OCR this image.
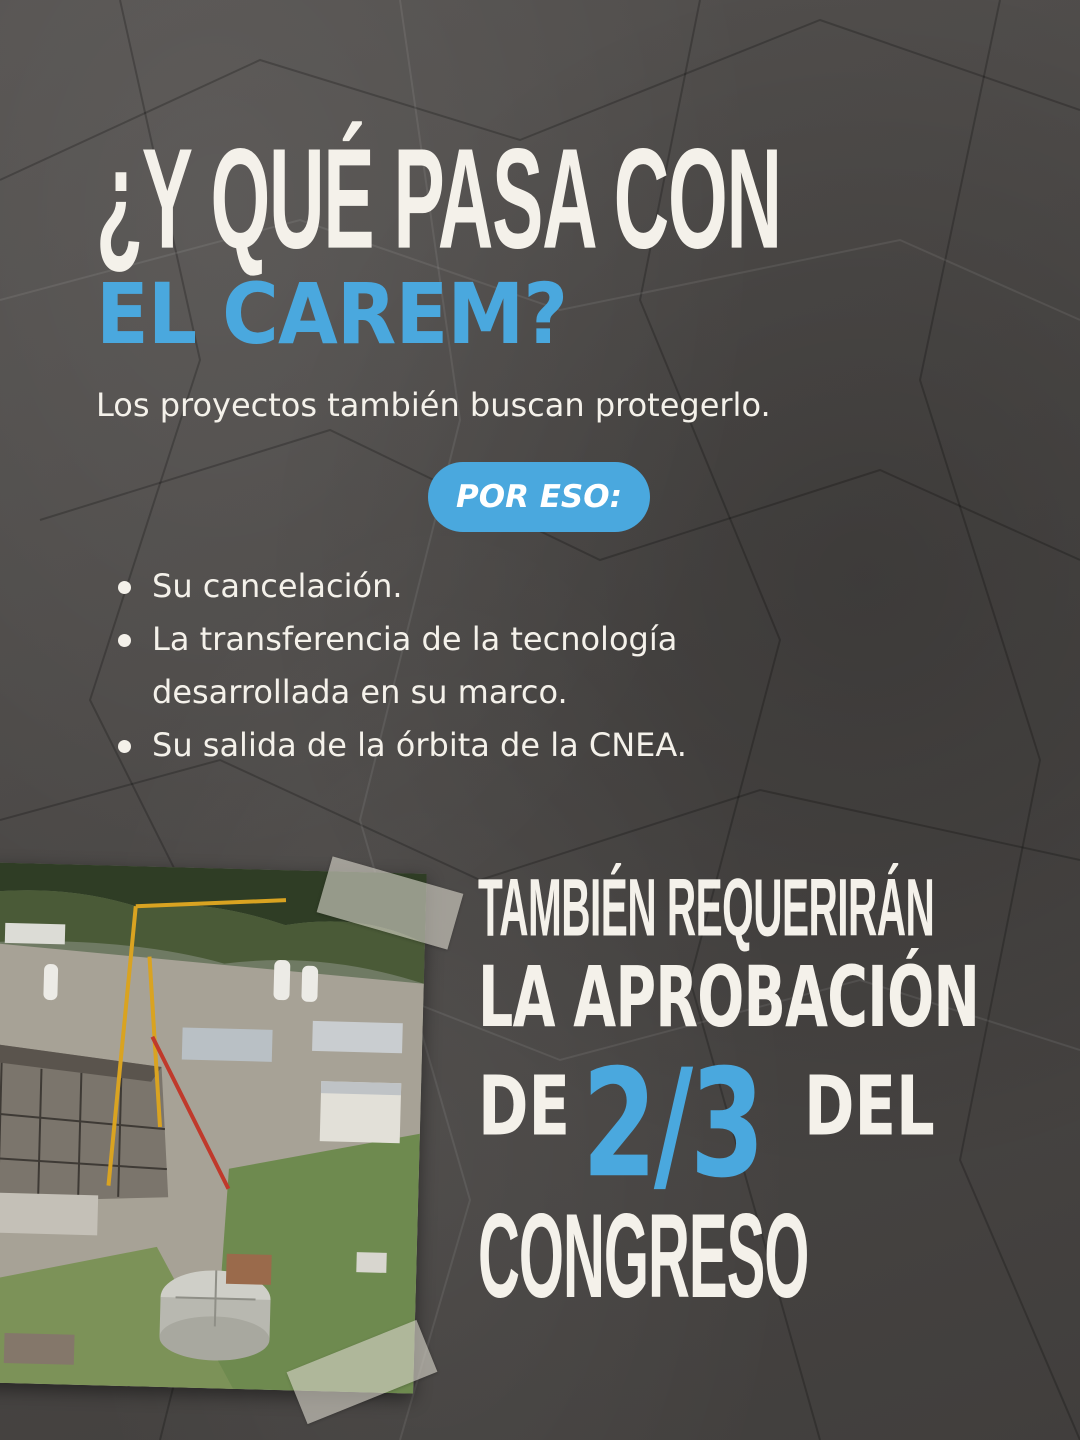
¿Y QUÉ PASA CON
EL CAREM?
Los proyectos también buscan protegerlo.
POR ESO:
Su cancelación.
La transferencia de la tecnología
desarrollada en su marco.
Su salida de la órbita de la CNEA.
TAMBIÉN REQUERIRÁN
LA APROBACIÓN
DE 2/3 DEL
CONGRESO
